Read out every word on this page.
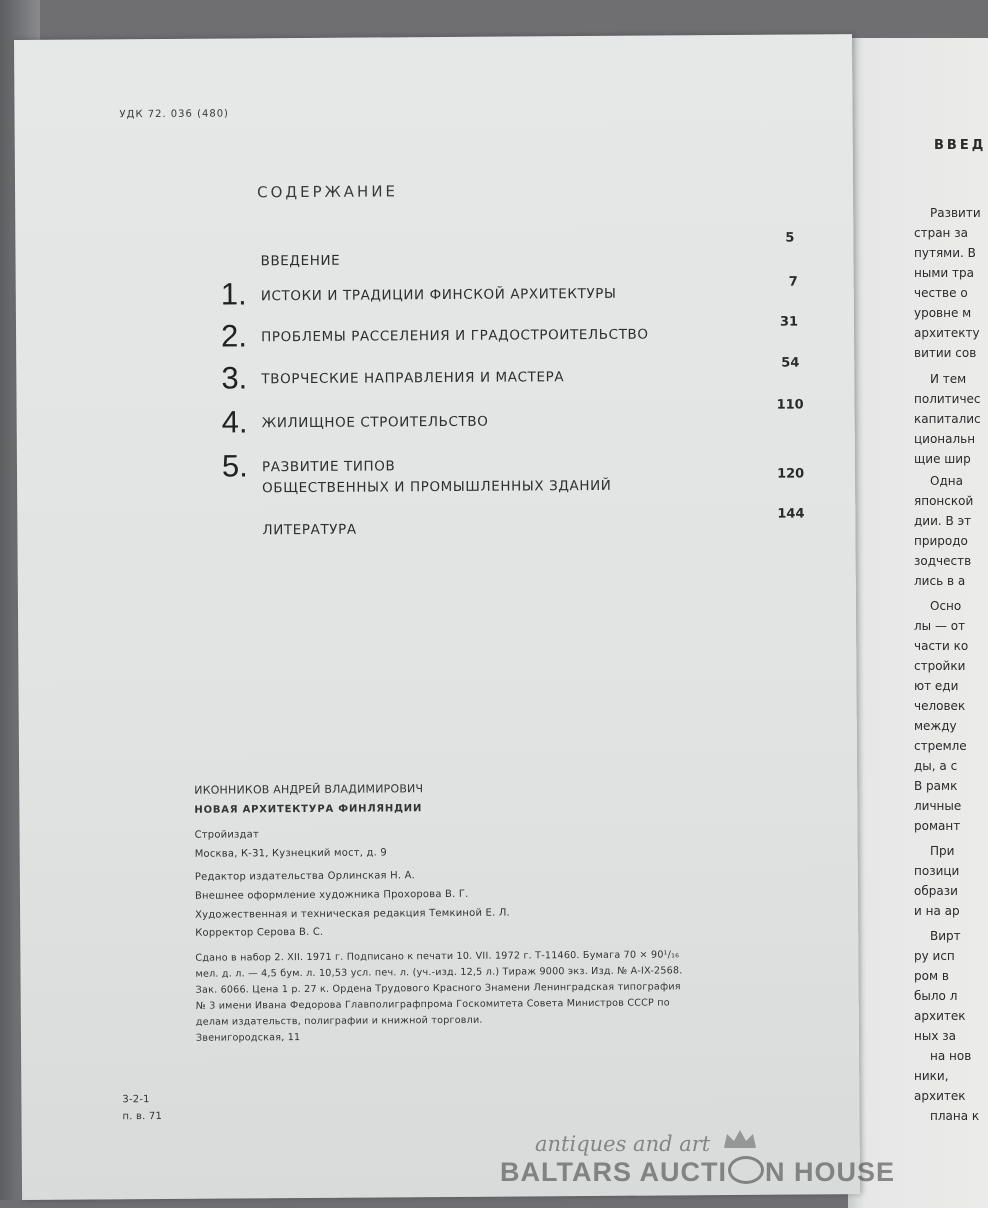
ВВЕД
Развити
стран за
путями. В
ными тра
честве о
уровне м
архитекту
витии сов
И тем
политичес
капиталис
циональн
щие шир
Одна
японской
дии. В эт
природо
зодчеств
лись в а
Осно
лы — от
части ко
стройки
ют еди
человек
между
стремле
ды, а с
В рамк
личные
романт
При
позици
образи
и на ар
Вирт
ру исп
ром в
было л
архитек
ных за
на нов
ники,
архитек
плана к
УДК 72. 036 (480)
СОДЕРЖАНИЕ
ВВЕДЕНИЕ
5
1. ИСТОКИ И ТРАДИЦИИ ФИНСКОЙ АРХИТЕКТУРЫ
7
2. ПРОБЛЕМЫ РАССЕЛЕНИЯ И ГРАДОСТРОИТЕЛЬСТВО
31
3. ТВОРЧЕСКИЕ НАПРАВЛЕНИЯ И МАСТЕРА
54
4. ЖИЛИЩНОЕ СТРОИТЕЛЬСТВО
110
5. РАЗВИТИЕ ТИПОВ
ОБЩЕСТВЕННЫХ И ПРОМЫШЛЕННЫХ ЗДАНИЙ
120
ЛИТЕРАТУРА
144
ИКОННИКОВ АНДРЕЙ ВЛАДИМИРОВИЧ
НОВАЯ АРХИТЕКТУРА ФИНЛЯНДИИ
Стройиздат
Москва, К-31, Кузнецкий мост, д. 9
Редактор издательства Орлинская Н. А.
Внешнее оформление художника Прохорова В. Г.
Художественная и техническая редакция Темкиной Е. Л.
Корректор Серова В. С.
Сдано в набор 2. XII. 1971 г. Подписано к печати 10. VII. 1972 г. Т-11460. Бумага 70 × 90¹/₁₆
мел. д. л. — 4,5 бум. л. 10,53 усл. печ. л. (уч.-изд. 12,5 л.) Тираж 9000 экз. Изд. № А-IX-2568.
Зак. 6066. Цена 1 р. 27 к. Ордена Трудового Красного Знамени Ленинградская типография
№ 3 имени Ивана Федорова Главполиграфпрома Госкомитета Совета Министров СССР по
делам издательств, полиграфии и книжной торговли.
Звенигородская, 11
3-2-1
п. в. 71
antiques and art
BALTARS AUCTI N HOUSE
